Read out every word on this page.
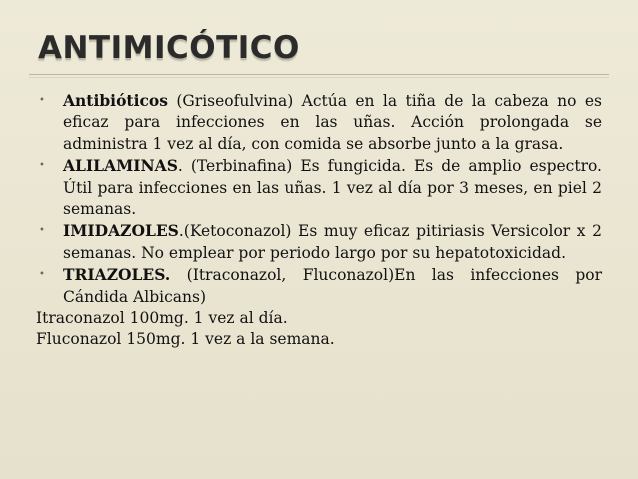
ANTIMICÓTICO
• Antibióticos (Griseofulvina) Actúa en la tiña de la cabeza no es eficaz para infecciones en las uñas. Acción prolongada se administra 1 vez al día, con comida se absorbe junto a la grasa.
• ALILAMINAS. (Terbinafina) Es fungicida. Es de amplio espectro. Útil para infecciones en las uñas. 1 vez al día por 3 meses, en piel 2 semanas.
• IMIDAZOLES.(Ketoconazol) Es muy eficaz pitiriasis Versicolor x 2 semanas. No emplear por periodo largo por su hepatotoxicidad.
• TRIAZOLES. (Itraconazol, Fluconazol)En las infecciones por Cándida Albicans)
Itraconazol 100mg. 1 vez al día.
Fluconazol 150mg. 1 vez a la semana.
